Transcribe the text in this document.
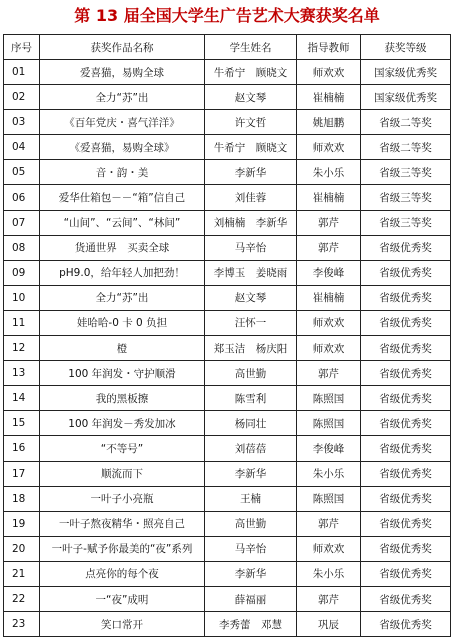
第 13 届全国大学生广告艺术大赛获奖名单
序号	获奖作品名称	学生姓名	指导教师	获奖等级
01	爱喜猫，易购全球	牛希宁　顾晓文	师欢欢	国家级优秀奖
02	全力“苏”出	赵文琴	崔楠楠	国家级优秀奖
03	《百年党庆・喜气洋洋》	许文哲	姚旭鹏	省级二等奖
04	《爱喜猫，易购全球》	牛希宁　顾晓文	师欢欢	省级二等奖
05	音・韵・美	李新华	朱小乐	省级三等奖
06	爱华仕箱包－－“箱”信自己	刘佳蓉	崔楠楠	省级三等奖
07	“山间”、“云间”、“林间”	刘楠楠　李新华	郭芹	省级三等奖
08	货通世界　买卖全球	马辛怡	郭芹	省级优秀奖
09	pH9.0，给年轻人加把劲！	李博玉　姜晓雨	李俊峰	省级优秀奖
10	全力“苏”出	赵文琴	崔楠楠	省级优秀奖
11	娃哈哈-0 卡 0 负担	汪怀一	师欢欢	省级优秀奖
12	橙	郑玉洁　杨庆阳	师欢欢	省级优秀奖
13	100 年润发・守护顺滑	高世勤	郭芹	省级优秀奖
14	我的黑板擦	陈雪利	陈照国	省级优秀奖
15	100 年润发－秀发加冰	杨同壮	陈照国	省级优秀奖
16	“不等号”	刘蓓蓓	李俊峰	省级优秀奖
17	顺流而下	李新华	朱小乐	省级优秀奖
18	一叶子小亮瓶	王楠	陈照国	省级优秀奖
19	一叶子熬夜精华・照亮自己	高世勤	郭芹	省级优秀奖
20	一叶子-赋予你最美的“夜”系列	马辛怡	师欢欢	省级优秀奖
21	点亮你的每个夜	李新华	朱小乐	省级优秀奖
22	一“夜”成明	薛福丽	郭芹	省级优秀奖
23	笑口常开	李秀蕾　邓慧	巩辰	省级优秀奖
